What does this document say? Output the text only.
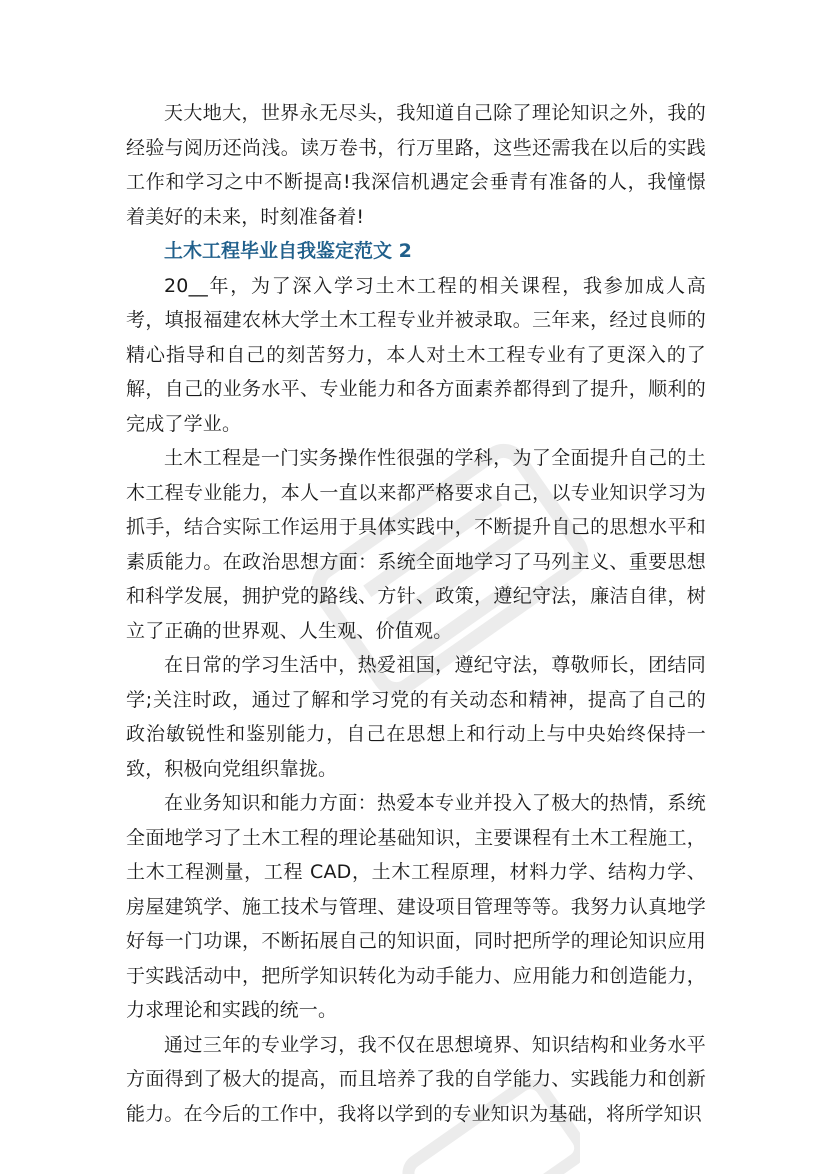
天大地大，世界永无尽头，我知道自己除了理论知识之外，我的经验与阅历还尚浅。读万卷书，行万里路，这些还需我在以后的实践工作和学习之中不断提高!我深信机遇定会垂青有准备的人，我憧憬着美好的未来，时刻准备着!

土木工程毕业自我鉴定范文 2

20__年，为了深入学习土木工程的相关课程，我参加成人高考，填报福建农林大学土木工程专业并被录取。三年来，经过良师的精心指导和自己的刻苦努力，本人对土木工程专业有了更深入的了解，自己的业务水平、专业能力和各方面素养都得到了提升，顺利的完成了学业。

土木工程是一门实务操作性很强的学科，为了全面提升自己的土木工程专业能力，本人一直以来都严格要求自己，以专业知识学习为抓手，结合实际工作运用于具体实践中，不断提升自己的思想水平和素质能力。在政治思想方面：系统全面地学习了马列主义、重要思想和科学发展，拥护党的路线、方针、政策，遵纪守法，廉洁自律，树立了正确的世界观、人生观、价值观。

在日常的学习生活中，热爱祖国，遵纪守法，尊敬师长，团结同学;关注时政，通过了解和学习党的有关动态和精神，提高了自己的政治敏锐性和鉴别能力，自己在思想上和行动上与中央始终保持一致，积极向党组织靠拢。

在业务知识和能力方面：热爱本专业并投入了极大的热情，系统全面地学习了土木工程的理论基础知识，主要课程有土木工程施工，土木工程测量，工程 CAD，土木工程原理，材料力学、结构力学、房屋建筑学、施工技术与管理、建设项目管理等等。我努力认真地学好每一门功课，不断拓展自己的知识面，同时把所学的理论知识应用于实践活动中，把所学知识转化为动手能力、应用能力和创造能力，力求理论和实践的统一。

通过三年的专业学习，我不仅在思想境界、知识结构和业务水平方面得到了极大的提高，而且培养了我的自学能力、实践能力和创新能力。在今后的工作中，我将以学到的专业知识为基础，将所学知识
